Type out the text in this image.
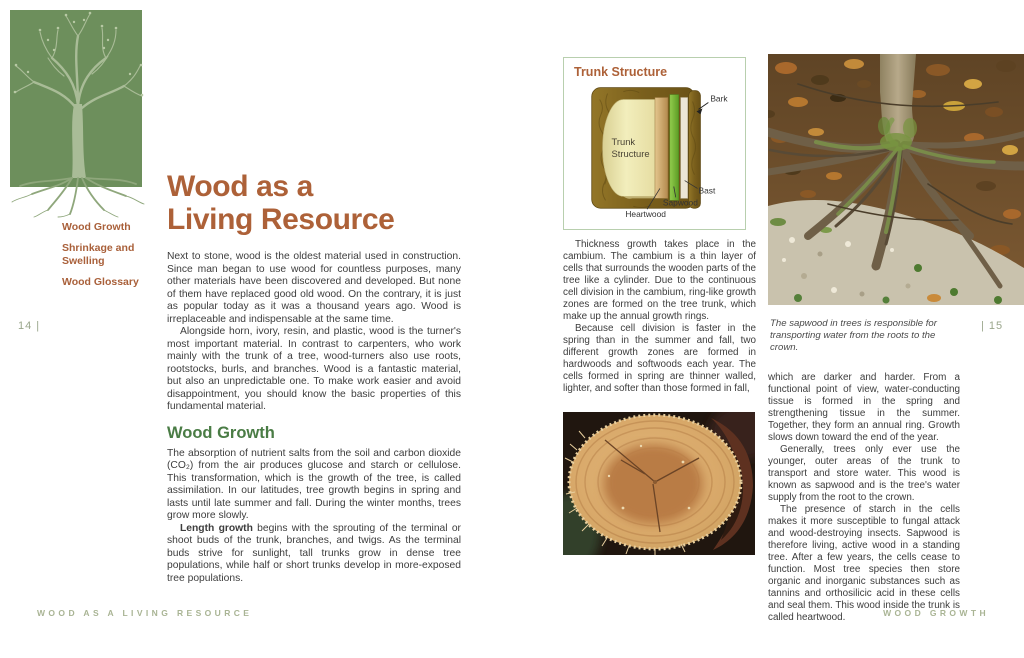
Wood Growth
Shrinkage and Swelling
Wood Glossary
14 |
Wood as a
Living Resource

Next to stone, wood is the oldest material used in construction. Since man began to use wood for countless purposes, many other materials have been discovered and developed. But none of them have replaced good old wood. On the contrary, it is just as popular today as it was a thousand years ago. Wood is irreplaceable and indispensable at the same time.

Alongside horn, ivory, resin, and plastic, wood is the turner's most important material. In contrast to carpenters, who work mainly with the trunk of a tree, wood-turners also use roots, rootstocks, burls, and branches. Wood is a fantastic material, but also an unpredictable one. To make work easier and avoid disappointment, you should know the basic properties of this fundamental material.

Wood Growth

The absorption of nutrient salts from the soil and carbon dioxide (CO₂) from the air produces glucose and starch or cellulose. This transformation, which is the growth of the tree, is called assimilation. In our latitudes, tree growth begins in spring and lasts until late summer and fall. During the winter months, trees grow more slowly.

Length growth begins with the sprouting of the terminal or shoot buds of the trunk, branches, and twigs. As the terminal buds strive for sunlight, tall trunks grow in dense tree populations, while half or short trunks develop in more-exposed tree populations.

WOOD AS A LIVING RESOURCE
Trunk Structure
Trunk
Structure
Bark
Bast
Sapwood
Heartwood
The sapwood in trees is responsible for transporting water from the roots to the crown.
| 15

Thickness growth takes place in the cambium. The cambium is a thin layer of cells that surrounds the wooden parts of the tree like a cylinder. Due to the continuous cell division in the cambium, ring-like growth zones are formed on the tree trunk, which make up the annual growth rings.

Because cell division is faster in the spring than in the summer and fall, two different growth zones are formed in hardwoods and softwoods each year. The cells formed in spring are thinner walled, lighter, and softer than those formed in fall,

which are darker and harder. From a functional point of view, water-conducting tissue is formed in the spring and strengthening tissue in the summer. Together, they form an annual ring. Growth slows down toward the end of the year.

Generally, trees only ever use the younger, outer areas of the trunk to transport and store water. This wood is known as sapwood and is the tree's water supply from the root to the crown.

The presence of starch in the cells makes it more susceptible to fungal attack and wood-destroying insects. Sapwood is therefore living, active wood in a standing tree. After a few years, the cells cease to function. Most tree species then store organic and inorganic substances such as tannins and orthosilicic acid in these cells and seal them. This wood inside the trunk is called heartwood.	WOOD GROWTH
